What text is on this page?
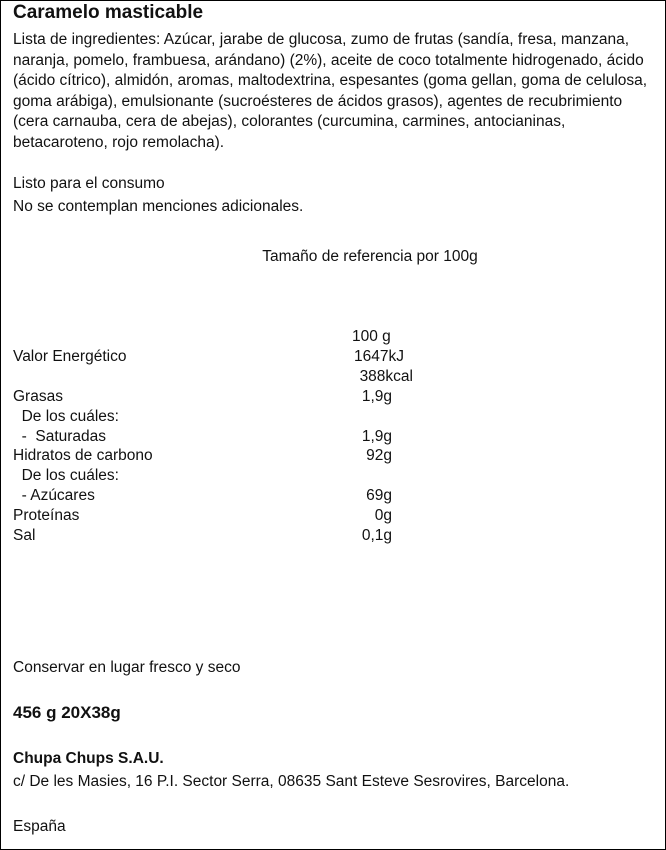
Caramelo masticable
Lista de ingredientes: Azúcar, jarabe de glucosa, zumo de frutas (sandía, fresa, manzana, naranja, pomelo, frambuesa, arándano) (2%), aceite de coco totalmente hidrogenado, ácido (ácido cítrico), almidón, aromas, maltodextrina, espesantes (goma gellan, goma de celulosa, goma arábiga), emulsionante (sucroésteres de ácidos grasos), agentes de recubrimiento (cera carnauba, cera de abejas), colorantes (curcumina, carmines, antocianinas, betacaroteno, rojo remolacha).
Listo para el consumo
No se contemplan menciones adicionales.
Tamaño de referencia por 100g
100 g
Valor Energético	1647kJ
388kcal
Grasas	1,9g
De los cuáles:
-  Saturadas	1,9g
Hidratos de carbono	92g
De los cuáles:
- Azúcares	69g
Proteínas	0g
Sal	0,1g
Conservar en lugar fresco y seco
456 g 20X38g
Chupa Chups S.A.U.
c/ De les Masies, 16 P.I. Sector Serra, 08635 Sant Esteve Sesrovires, Barcelona.
España
